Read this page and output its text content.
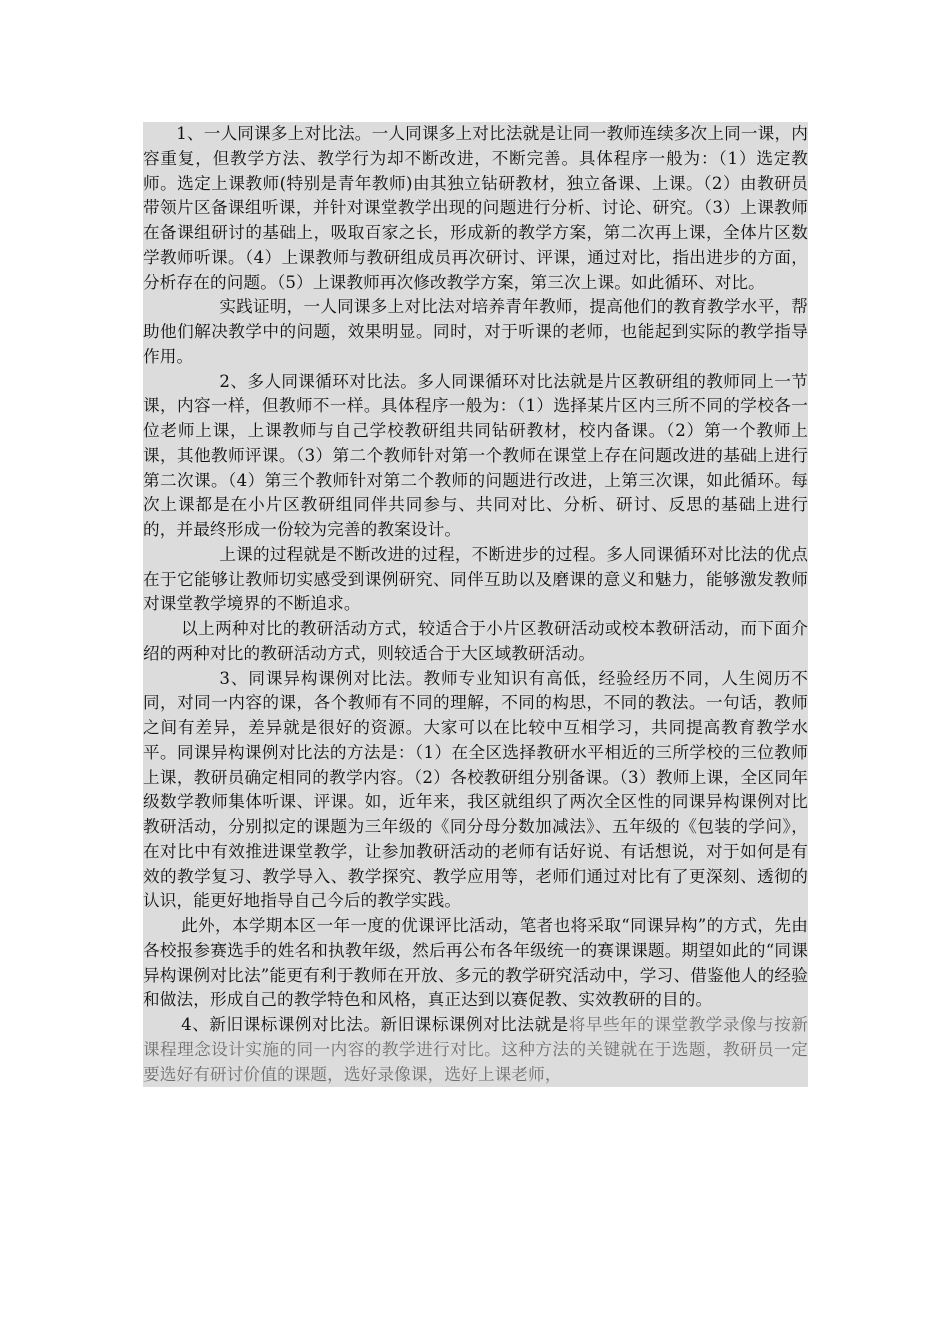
1、一人同课多上对比法。一人同课多上对比法就是让同一教师连续多次上同一课，内容重复，但教学方法、教学行为却不断改进，不断完善。具体程序一般为：（1）选定教师。选定上课教师(特别是青年教师)由其独立钻研教材，独立备课、上课。（2）由教研员带领片区备课组听课，并针对课堂教学出现的问题进行分析、讨论、研究。（3）上课教师在备课组研讨的基础上，吸取百家之长，形成新的教学方案，第二次再上课，全体片区数学教师听课。（4）上课教师与教研组成员再次研讨、评课，通过对比，指出进步的方面，分析存在的问题。（5）上课教师再次修改教学方案，第三次上课。如此循环、对比。

实践证明，一人同课多上对比法对培养青年教师，提高他们的教育教学水平，帮助他们解决教学中的问题，效果明显。同时，对于听课的老师，也能起到实际的教学指导作用。

2、多人同课循环对比法。多人同课循环对比法就是片区教研组的教师同上一节课，内容一样，但教师不一样。具体程序一般为：（1）选择某片区内三所不同的学校各一位老师上课，上课教师与自己学校教研组共同钻研教材，校内备课。（2）第一个教师上课，其他教师评课。（3）第二个教师针对第一个教师在课堂上存在问题改进的基础上进行第二次课。（4）第三个教师针对第二个教师的问题进行改进，上第三次课，如此循环。每次上课都是在小片区教研组同伴共同参与、共同对比、分析、研讨、反思的基础上进行的，并最终形成一份较为完善的教案设计。

上课的过程就是不断改进的过程，不断进步的过程。多人同课循环对比法的优点在于它能够让教师切实感受到课例研究、同伴互助以及磨课的意义和魅力，能够激发教师对课堂教学境界的不断追求。

以上两种对比的教研活动方式，较适合于小片区教研活动或校本教研活动，而下面介绍的两种对比的教研活动方式，则较适合于大区域教研活动。

3、同课异构课例对比法。教师专业知识有高低，经验经历不同，人生阅历不同，对同一内容的课，各个教师有不同的理解，不同的构思，不同的教法。一句话，教师之间有差异，差异就是很好的资源。大家可以在比较中互相学习，共同提高教育教学水平。同课异构课例对比法的方法是：（1）在全区选择教研水平相近的三所学校的三位教师上课，教研员确定相同的教学内容。（2）各校教研组分别备课。（3）教师上课，全区同年级数学教师集体听课、评课。如，近年来，我区就组织了两次全区性的同课异构课例对比教研活动，分别拟定的课题为三年级的《同分母分数加减法》、五年级的《包装的学问》，在对比中有效推进课堂教学，让参加教研活动的老师有话好说、有话想说，对于如何是有效的教学复习、教学导入、教学探究、教学应用等，老师们通过对比有了更深刻、透彻的认识，能更好地指导自己今后的教学实践。

此外，本学期本区一年一度的优课评比活动，笔者也将采取“同课异构”的方式，先由各校报参赛选手的姓名和执教年级，然后再公布各年级统一的赛课课题。期望如此的“同课异构课例对比法”能更有利于教师在开放、多元的教学研究活动中，学习、借鉴他人的经验和做法，形成自己的教学特色和风格，真正达到以赛促教、实效教研的目的。

4、新旧课标课例对比法。新旧课标课例对比法就是将早些年的课堂教学录像与按新课程理念设计实施的同一内容的教学进行对比。这种方法的关键就在于选题，教研员一定要选好有研讨价值的课题，选好录像课，选好上课老师，
